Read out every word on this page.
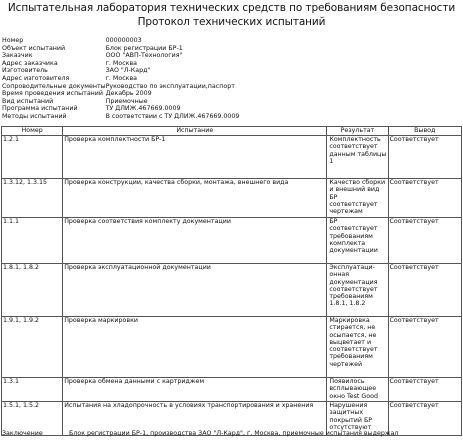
Испытательная лаборатория технических средств по требованиям безопасности
Протокол технических испытаний
Номер	000000003
Объект испытаний	Блок регистрации БР-1
Заказчик	ООО "АВП-Технология"
Адрес заказчика	г. Москва
Изготовитель	ЗАО "Л-Кард"
Адрес изготовителя	г. Москва
Сопроводительные документы	Руководство по эксплуатации,паспорт
Время проведения испытаний	Декабрь 2009
Вид испытаний	Приемочные
Программа испытаний	ТУ ДЛИЖ.467669.0009
Методы испытаний	В соответствии с ТУ ДЛИЖ.467669.0009
Номер	Испытание	Результат	Вывод
1.2.1	Проверка комплектности БР-1	Комплектность соответствует данным таблицы 1	Соответствует
1.3.12, 1.3.15	Проверка конструкции, качества сборки, монтажа, внешнего вида	Качество сборки и внешний вид БР соответствует чертежам	Соответствует
1.1.1	Проверка соответствия комплекту документации	БР соответствует требованиям комплекта документации	Соответствует
1.8.1, 1.8.2	Проверка эксплуатационной документации	Эксплуатаци-онная документация соответствует требованиям 1.8.1, 1.8.2	Соответствует
1.9.1, 1.9.2	Проверка маркировки	Маркировка стирается, не осыпается, не выцветает и соответствует требованиям чертежей	Соответствует
1.3.1	Проверка обмена данными с картриджем	Появилось всплывающее окно Test Good	Соответствует
1.5.1, 1.5.2	Испытания на хладопрочность в условиях транспортирования и хранения	Нарушения защитных покрытий БР отсутствуют	Соответствует
Заключение	Блок регистрации БР-1, производства ЗАО "Л-Кард", г. Москва, приемочные испытания выдержал
